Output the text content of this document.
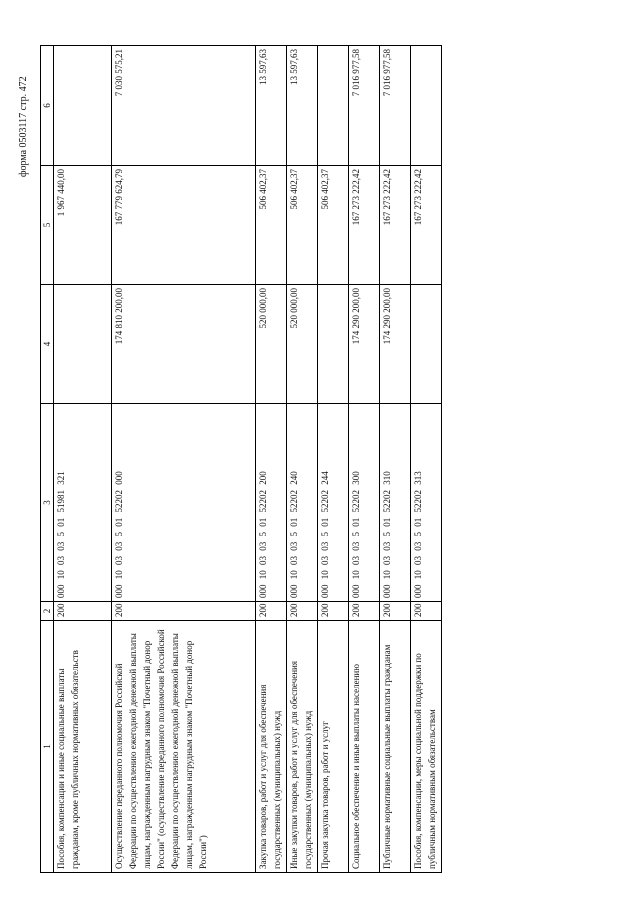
форма 0503117 стр. 472
1	2	3	4	5	6
Пособия, компенсации и иные социальные выплаты гражданам, кроме публичных нормативных обязательств	200	000 10 03 03 5 01 51981 321		1 967 440,00	
Осуществление переданного полномочия Российской Федерации по осуществлению ежегодной денежной выплаты лицам, награжденным нагрудным знаком "Почетный донор России" (осуществление переданного полномочия Российской Федерации по осуществлению ежегодной денежной выплаты лицам, награжденным нагрудным знаком "Почетный донор России")	200	000 10 03 03 5 01 52202 000	174 810 200,00	167 779 624,79	7 030 575,21
Закупка товаров, работ и услуг для обеспечения государственных (муниципальных) нужд	200	000 10 03 03 5 01 52202 200	520 000,00	506 402,37	13 597,63
Иные закупки товаров, работ и услуг для обеспечения государственных (муниципальных) нужд	200	000 10 03 03 5 01 52202 240	520 000,00	506 402,37	13 597,63
Прочая закупка товаров, работ и услуг	200	000 10 03 03 5 01 52202 244		506 402,37	
Социальное обеспечение и иные выплаты населению	200	000 10 03 03 5 01 52202 300	174 290 200,00	167 273 222,42	7 016 977,58
Публичные нормативные социальные выплаты гражданам	200	000 10 03 03 5 01 52202 310	174 290 200,00	167 273 222,42	7 016 977,58
Пособия, компенсации, меры социальной поддержки по публичным нормативным обязательствам	200	000 10 03 03 5 01 52202 313		167 273 222,42	
